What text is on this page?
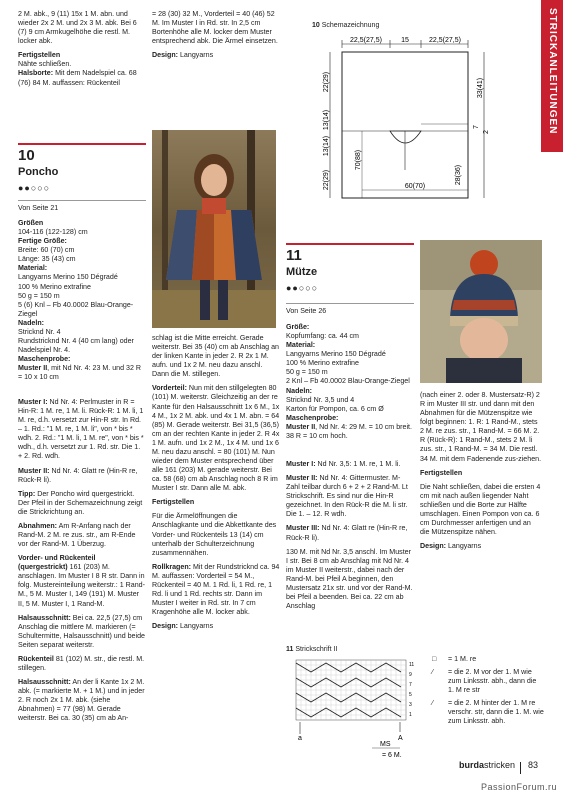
STRICKANLEITUNGEN

2 M. abk., 9 (11) 15x 1 M. abn. und wieder 2x 2 M. und 2x 3 M. abk. Bei 6 (7) 9 cm Armkugelhöhe die restl. M. locker abk.

Fertigstellen
Nähte schließen.
Halsborte: Mit dem Nadelspiel ca. 68 (76) 84 M. auffassen: Rückenteil

= 28 (30) 32 M., Vorderteil = 40 (46) 52 M. Im Muster I in Rd. str. In 2,5 cm Bortenhöhe alle M. locker dem Muster entsprechend abk. Die Ärmel einsetzen.

Design: Langyarns

10
Poncho
●●○○○
Von Seite 21
Größen
104-116 (122-128) cm
Fertige Größe:
Breite: 60 (70) cm
Länge: 35 (43) cm
Material:
Langyarns Merino 150 Dégradé
100 % Merino extrafine
50 g = 150 m
5 (6) Knl – Fb 40.0002 Blau-Orange-Ziegel
Nadeln:
Stricknd Nr. 4
Rundstricknd Nr. 4 (40 cm lang) oder Nadelspiel Nr. 4.
Maschenprobe:
Muster II, mit Nd Nr. 4: 23 M. und 32 R = 10 x 10 cm

Muster I: Nd Nr. 4: Perlmuster in R = Hin-R: 1 M. re, 1 M. li. Rück-R: 1 M. li, 1 M. re, d.h. versetzt zur Hin-R str. In Rd. – 1. Rd.: "1 M. re, 1 M. li", von * bis * wdh. 2. Rd.: "1 M. li, 1 M. re", von * bis * wdh., d.h. versetzt zur 1. Rd. str. Die 1. + 2. Rd. wdh.

Muster II: Nd Nr. 4: Glatt re (Hin-R re, Rück-R li).

Tipp: Der Poncho wird quergestrickt. Der Pfeil in der Schemazeichnung zeigt die Strickrichtung an.

Abnahmen: Am R-Anfang nach der Rand-M. 2 M. re zus. str., am R-Ende vor der Rand-M. 1 Überzug.

Vorder- und Rückenteil (quergestrickt) 161 (203) M. anschlagen. Im Muster I 8 R str. Dann in folg. Mustereinteilung weiterstr.: 1 Rand-M., 5 M. Muster I, 149 (191) M. Muster II, 5 M. Muster I, 1 Rand-M.

Halsausschnitt: Bei ca. 22,5 (27,5) cm Anschlag die mittlere M. markieren (= Schultermitte, Halsausschnitt) und beide Seiten separat weiterstr.

Rückenteil 81 (102) M. str., die restl. M. stillegen.

Halsausschnitt: An der li Kante 1x 2 M. abk. (= markierte M. + 1 M.) und in jeder 2. R noch 2x 1 M. abk. (siehe Abnahmen) = 77 (98) M. Gerade weiterstr. Bei ca. 30 (35) cm ab An-

schlag ist die Mitte erreicht. Gerade weiterstr. Bei 35 (40) cm ab Anschlag an der linken Kante in jeder 2. R 2x 1 M. aufn. und 1x 2 M. neu dazu anschl. Dann die M. stillegen.

Vorderteil: Nun mit den stillgelegten 80 (101) M. weiterstr. Gleichzeitig an der re Kante für den Halsausschnitt 1x 6 M., 1x 4 M., 1x 2 M. abk. und 4x 1 M. abn. = 64 (85) M. Gerade weiterstr. Bei 31,5 (36,5) cm an der rechten Kante in jeder 2. R 4x 1 M. aufn. und 1x 2 M., 1x 4 M. und 1x 6 M. neu dazu anschl. = 80 (101) M. Nun wieder dem Muster entsprechend über alle 161 (203) M. gerade weiterstr. Bei ca. 58 (68) cm ab Anschlag noch 8 R im Muster I str. Dann alle M. abk.

Fertigstellen

Für die Ärmelöffnungen die Anschlagkante und die Abkettkante des Vorder- und Rückenteils 13 (14) cm unterhalb der Schulterzeichnung zusammennähen.

Rollkragen: Mit der Rundstricknd ca. 94 M. auffassen: Vorderteil = 54 M., Rückenteil = 40 M. 1 Rd. li, 1 Rd. re, 1 Rd. li und 1 Rd. rechts str. Dann im Muster I weiter in Rd. str. In 7 cm Kragenhöhe alle M. locker abk.

Design: Langyarns

10 Schemazeichnung
22,5(27,5)	15	22,5(27,5)
22(29)
13(14)
13(14)
22(29)
70(88)
33(41)
7
2
28(36)
60(70)
11
Mütze
●●○○○
Von Seite 26
Größe:
Kopfumfang: ca. 44 cm
Material:
Langyarns Merino 150 Dégradé
100 % Merino extrafine
50 g = 150 m
2 Knl – Fb 40.0002 Blau-Orange-Ziegel
Nadeln:
Stricknd Nr. 3,5 und 4
Karton für Pompon, ca. 6 cm Ø
Maschenprobe:
Muster II, Nd Nr. 4: 29 M. = 10 cm breit. 38 R = 10 cm hoch.

Muster I: Nd Nr. 3,5: 1 M. re, 1 M. li.

Muster II: Nd Nr. 4: Gittermuster. M-Zahl teilbar durch 6 + 2 + 2 Rand-M. Lt Strickschrift. Es sind nur die Hin-R gezeichnet. In den Rück-R die M. li str. Die 1. – 12. R wdh.

Muster III: Nd Nr. 4: Glatt re (Hin-R re, Rück-R li).

130 M. mit Nd Nr. 3,5 anschl. Im Muster I str. Bei 8 cm ab Anschlag mit Nd Nr. 4 im Muster II weiterstr., dabei nach der Rand-M. bei Pfeil A beginnen, den Mustersatz 21x str. und vor der Rand-M. bei Pfeil a beenden. Bei ca. 22 cm ab Anschlag

(nach einer 2. oder 8. Mustersatz-R) 2 R im Muster III str. und dann mit den Abnahmen für die Mützenspitze wie folgt beginnen: 1. R: 1 Rand-M., stets 2 M. re zus. str., 1 Rand-M. = 66 M. 2. R (Rück-R): 1 Rand-M., stets 2 M. li zus. str., 1 Rand-M. = 34 M. Die restl. 34 M. mit dem Fadenende zus-ziehen.

Fertigstellen

Die Naht schließen, dabei die ersten 4 cm mit nach außen liegender Naht schließen und die Borte zur Hälfte umschlagen. Einen Pompon von ca. 6 cm Durchmesser anfertigen und an die Mützenspitze nähen.

Design: Langyarns

11 Strickschrift II
a	A
MS
= 6 M.
11
9
7
5
3
1
□	= 1 M. re
⁄	= die 2. M vor der 1. M wie zum Linksstr. abh., dann die 1. M re str
⁄	= die 2. M hinter der 1. M re verschr. str, dann die 1. M. wie zum Linksstr. abh.
burdastricken 83
PassionForum.ru
